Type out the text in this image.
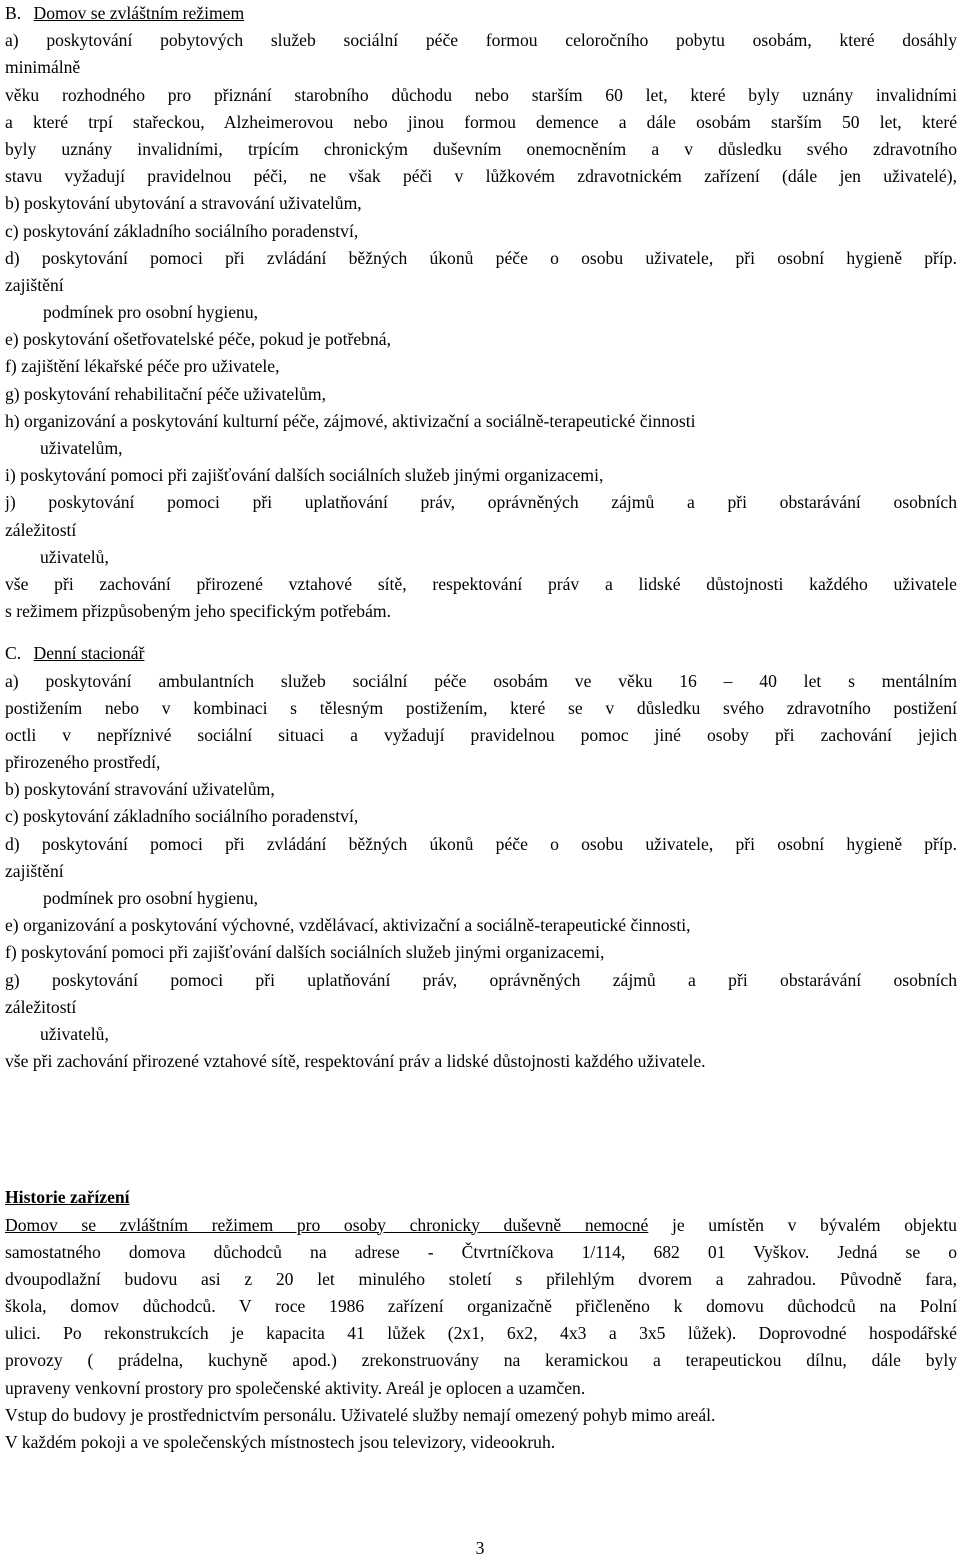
B. Domov se zvláštním režimem
a) poskytování pobytových služeb sociální péče formou celoročního pobytu osobám, které dosáhly
minimálně
věku rozhodného pro přiznání starobního důchodu nebo starším 60 let, které byly uznány invalidními
a které trpí stařeckou, Alzheimerovou nebo jinou formou demence a dále osobám starším 50 let, které
byly uznány invalidními, trpícím chronickým duševním onemocněním a v důsledku svého zdravotního
stavu vyžadují pravidelnou péči, ne však péči v lůžkovém zdravotnickém zařízení (dále jen uživatelé),
b) poskytování ubytování a stravování uživatelům,
c) poskytování základního sociálního poradenství,
d) poskytování pomoci při zvládání běžných úkonů péče o osobu uživatele, při osobní hygieně příp.
zajištění
podmínek pro osobní hygienu,
e) poskytování ošetřovatelské péče, pokud je potřebná,
f) zajištění lékařské péče pro uživatele,
g) poskytování rehabilitační péče uživatelům,
h) organizování a poskytování kulturní péče, zájmové, aktivizační a sociálně-terapeutické činnosti
uživatelům,
i) poskytování pomoci při zajišťování dalších sociálních služeb jinými organizacemi,
j) poskytování pomoci při uplatňování práv, oprávněných zájmů a při obstarávání osobních
záležitostí
uživatelů,
vše při zachování přirozené vztahové sítě, respektování práv a lidské důstojnosti každého uživatele
s režimem přizpůsobeným jeho specifickým potřebám.
C. Denní stacionář
a) poskytování ambulantních služeb sociální péče osobám ve věku 16 – 40 let s mentálním
postižením nebo v kombinaci s tělesným postižením, které se v důsledku svého zdravotního postižení
octli v nepříznivé sociální situaci a vyžadují pravidelnou pomoc jiné osoby při zachování jejich
přirozeného prostředí,
b) poskytování stravování uživatelům,
c) poskytování základního sociálního poradenství,
d) poskytování pomoci při zvládání běžných úkonů péče o osobu uživatele, při osobní hygieně příp.
zajištění
podmínek pro osobní hygienu,
e) organizování a poskytování výchovné, vzdělávací, aktivizační a sociálně-terapeutické činnosti,
f) poskytování pomoci při zajišťování dalších sociálních služeb jinými organizacemi,
g) poskytování pomoci při uplatňování práv, oprávněných zájmů a při obstarávání osobních
záležitostí
uživatelů,
vše při zachování přirozené vztahové sítě, respektování práv a lidské důstojnosti každého uživatele.
Historie zařízení
Domov se zvláštním režimem pro osoby chronicky duševně nemocné je umístěn v bývalém objektu
samostatného domova důchodců na adrese - Čtvrtníčkova 1/114, 682 01 Vyškov. Jedná se o
dvoupodlažní budovu asi z 20 let minulého století s přilehlým dvorem a zahradou. Původně fara,
škola, domov důchodců. V roce 1986 zařízení organizačně přičleněno k domovu důchodců na Polní
ulici. Po rekonstrukcích je kapacita 41 lůžek (2x1, 6x2, 4x3 a 3x5 lůžek). Doprovodné hospodářské
provozy ( prádelna, kuchyně apod.) zrekonstruovány na keramickou a terapeutickou dílnu, dále byly
upraveny venkovní prostory pro společenské aktivity. Areál je oplocen a uzamčen.
Vstup do budovy je prostřednictvím personálu. Uživatelé služby nemají omezený pohyb mimo areál.
V každém pokoji a ve společenských místnostech jsou televizory, videookruh.
3
